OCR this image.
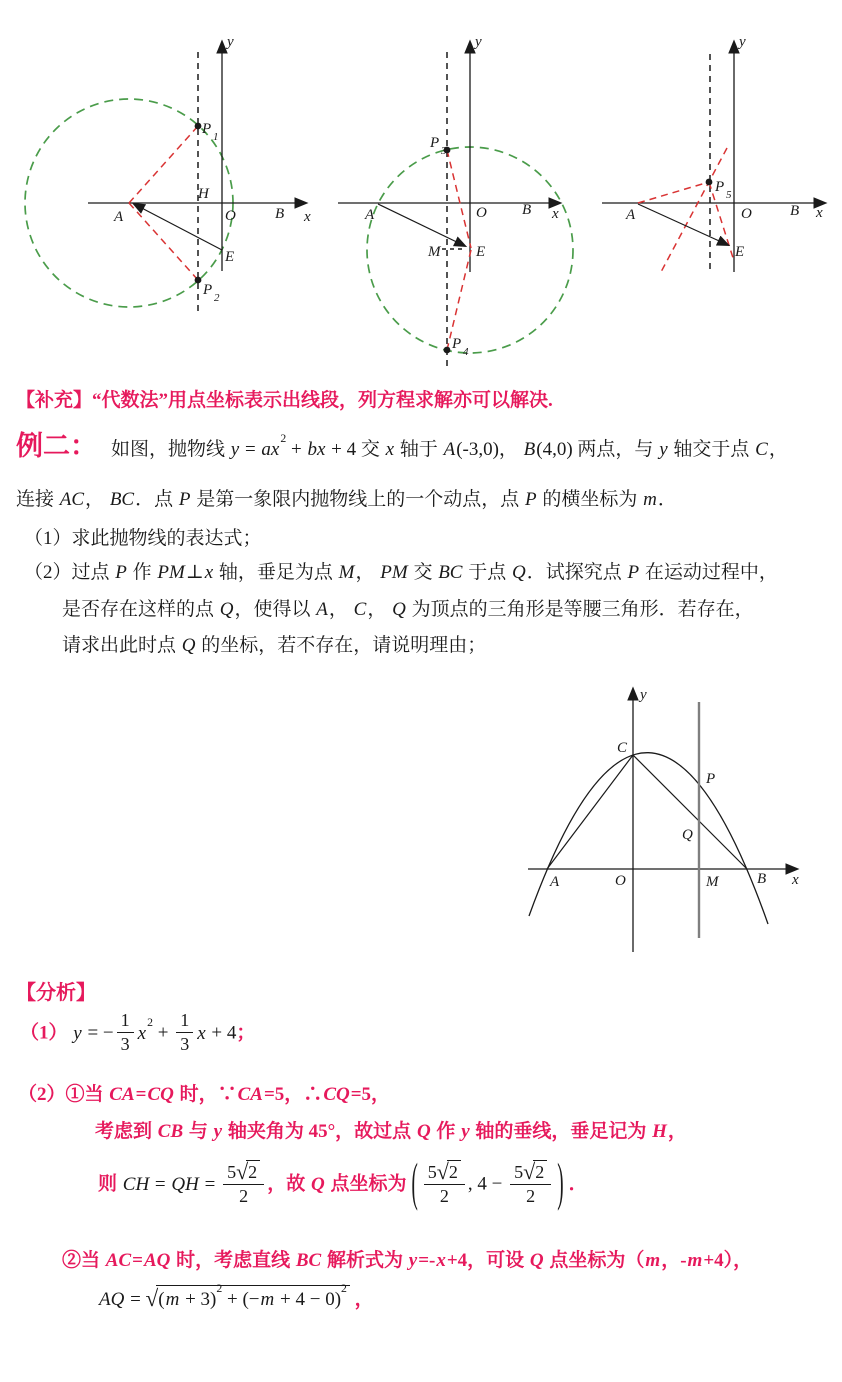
y
x
P 1
P 2
H
A	O	B
E
y
x
P 3
P 4
A	O B
M E
y
x
P 5
A	O	B
E
【补充】“代数法”用点坐标表示出线段，列方程求解亦可以解决.
例二： 如图，抛物线 $y = ax^2$ + bx + 4 交 x 轴于 A(-3,0)， B(4,0) 两点，与 y 轴交于点 C，
连接 AC， BC．点 P 是第一象限内抛物线上的一个动点，点 P 的横坐标为 m．
（1）求此抛物线的表达式；
（2）过点 P 作 PM⊥x 轴，垂足为点 M， PM 交 BC 于点 Q．试探究点 P 在运动过程中，
是否存在这样的点 Q，使得以 A， C， Q 为顶点的三角形是等腰三角形．若存在，
请求出此时点 Q 的坐标，若不存在，请说明理由；
y
x
C
P
Q
A	O	M	B
【分析】
（1） y = − $\frac{1}{3} x^2 + \frac{1}{3}$ x + 4；
（2）①当 CA=CQ 时，∵CA=5，∴CQ=5，
考虑到 CB 与 y 轴夹角为 45°，故过点 Q 作 y 轴的垂线，垂足记为 H，
则 CH = QH = $\frac{5√2}{2}$ ，故 Q 点坐标为 ( $\frac{5√2}{2}$ , $4 - \frac{5√2}{2}$ ) ．
②当 AC=AQ 时，考虑直线 BC 解析式为 y=-x+4，可设 Q 点坐标为（m，-m+4），
AQ = $√(m + 3)^2 + (-m + 4 - 0)^2$ ，
